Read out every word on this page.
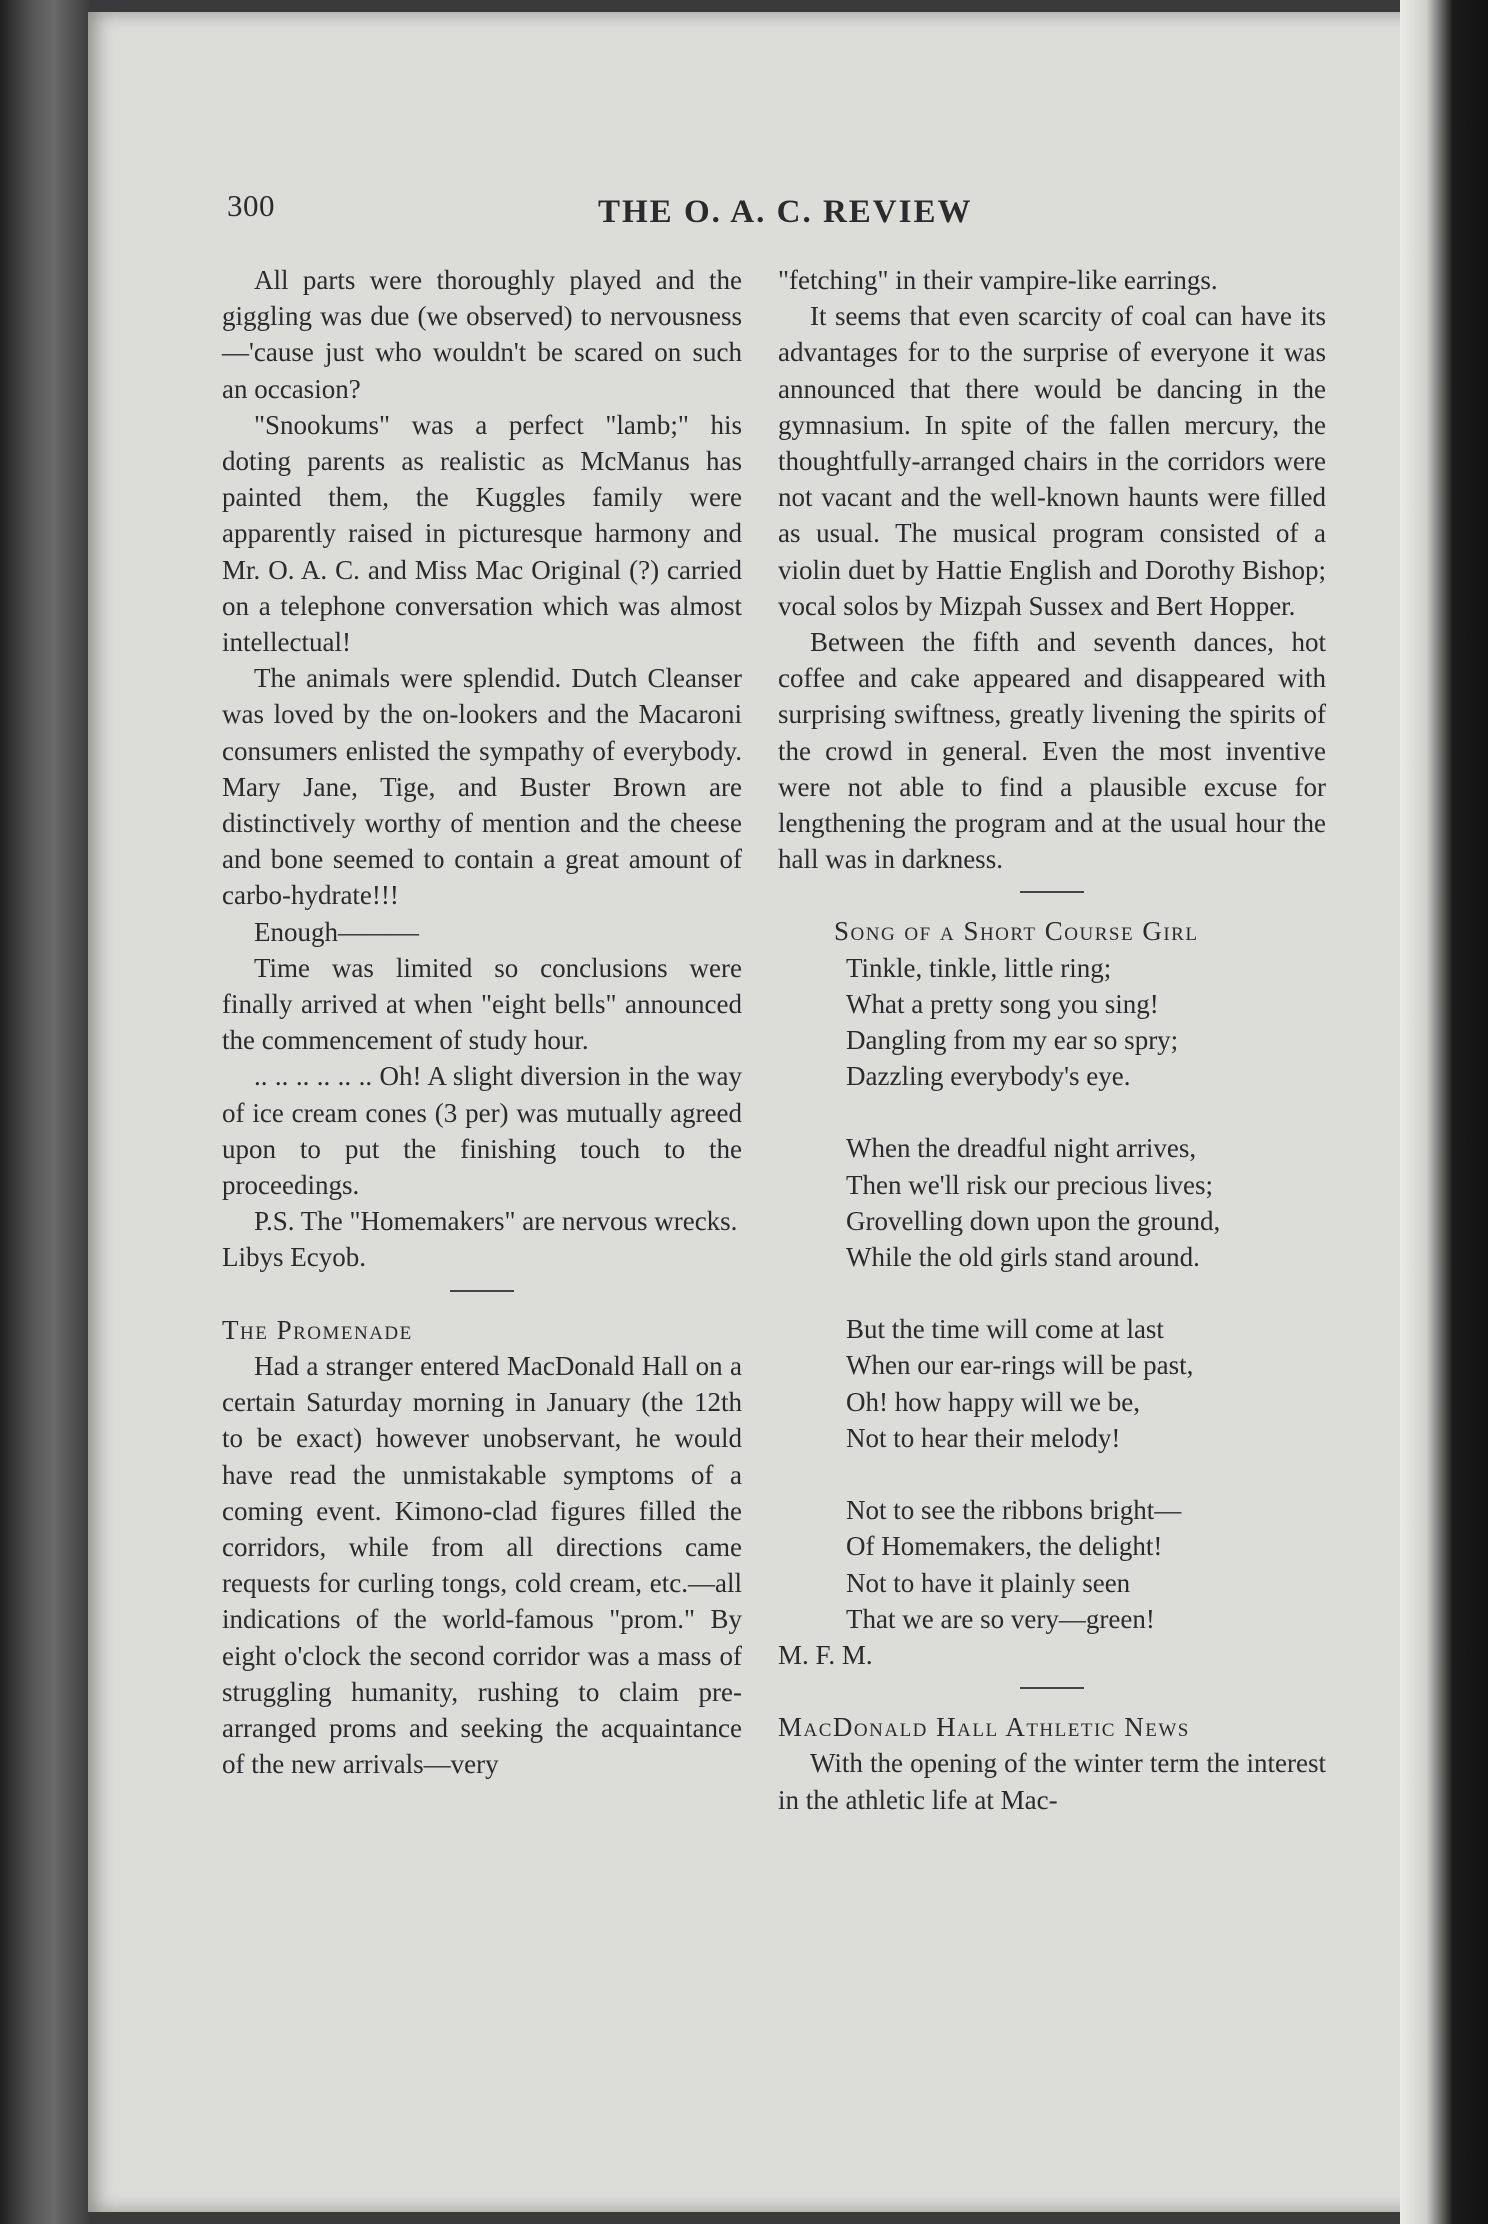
300	THE O. A. C. REVIEW

All parts were thoroughly played and the giggling was due (we observed) to nervousness—'cause just who wouldn't be scared on such an occasion?

"Snookums" was a perfect "lamb;" his doting parents as realistic as McManus has painted them, the Kuggles family were apparently raised in picturesque harmony and Mr. O. A. C. and Miss Mac Original (?) carried on a telephone conversation which was almost intellectual!

The animals were splendid. Dutch Cleanser was loved by the on-lookers and the Macaroni consumers enlisted the sympathy of everybody. Mary Jane, Tige, and Buster Brown are distinctively worthy of mention and the cheese and bone seemed to contain a great amount of carbo-hydrate!!!

Enough———

Time was limited so conclusions were finally arrived at when "eight bells" announced the commencement of study hour.

.. .. .. .. .. .. Oh! A slight diversion in the way of ice cream cones (3 per) was mutually agreed upon to put the finishing touch to the proceedings.

P.S. The "Homemakers" are nervous wrecks.

Libys Ecyob.

The Promenade

Had a stranger entered MacDonald Hall on a certain Saturday morning in January (the 12th to be exact) however unobservant, he would have read the unmistakable symptoms of a coming event. Kimono-clad figures filled the corridors, while from all directions came requests for curling tongs, cold cream, etc.—all indications of the world-famous "prom." By eight o'clock the second corridor was a mass of struggling humanity, rushing to claim pre-arranged proms and seeking the acquaintance of the new arrivals—very

"fetching" in their vampire-like earrings.

It seems that even scarcity of coal can have its advantages for to the surprise of everyone it was announced that there would be dancing in the gymnasium. In spite of the fallen mercury, the thoughtfully-arranged chairs in the corridors were not vacant and the well-known haunts were filled as usual. The musical program consisted of a violin duet by Hattie English and Dorothy Bishop; vocal solos by Mizpah Sussex and Bert Hopper.

Between the fifth and seventh dances, hot coffee and cake appeared and disappeared with surprising swiftness, greatly livening the spirits of the crowd in general. Even the most inventive were not able to find a plausible excuse for lengthening the program and at the usual hour the hall was in darkness.

Song of a Short Course Girl

Tinkle, tinkle, little ring;
What a pretty song you sing!
Dangling from my ear so spry;
Dazzling everybody's eye.
When the dreadful night arrives,
Then we'll risk our precious lives;
Grovelling down upon the ground,
While the old girls stand around.
But the time will come at last
When our ear-rings will be past,
Oh! how happy will we be,
Not to hear their melody!
Not to see the ribbons bright—
Of Homemakers, the delight!
Not to have it plainly seen
That we are so very—green!

M. F. M.

MacDonald Hall Athletic News

With the opening of the winter term the interest in the athletic life at Mac-
